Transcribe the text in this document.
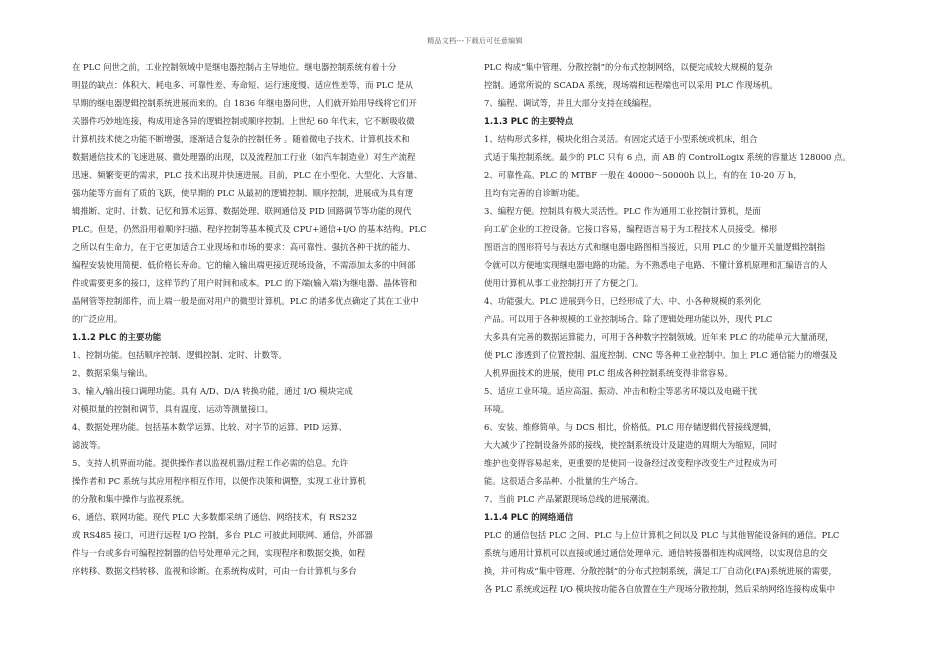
精品文档---下载后可任意编辑
在 PLC 问世之前，工业控制领域中是继电器控制占主导地位。继电器控制系统有着十分
明显的缺点：体积大、耗电多、可靠性差、寿命短、运行速度慢、适应性差等，而 PLC 是从
早期的继电器逻辑控制系统进展而来的。自 1836 年继电器问世，人们就开始用导线将它们开
关器件巧妙地连接，构成用途各异的逻辑控制或顺序控制。上世纪 60 年代末，它不断吸收微
计算机技术使之功能不断增强，逐渐适合复杂的控制任务 。随着微电子技术、计算机技术和
数据通信技术的飞速进展、微处理器的出现，以及流程加工行业（如汽车制造业）对生产流程
迅速、频繁变更的需求，PLC 技术出现并快速进展。目前，PLC 在小型化、大型化、大容量、
强功能等方面有了质的飞跃，使早期的 PLC 从最初的逻辑控制、顺序控制，进展成为具有逻
辑推断、定时、计数、记忆和算术运算、数据处理、联网通信及 PID 回路调节等功能的现代
PLC。但是，仍然沿用着顺序扫描、程序控制等基本模式及 CPU+通信+I/O 的基本结构。PLC
之所以有生命力，在于它更加适合工业现场和市场的要求：高可靠性、强抗各种干扰的能力、
编程安装使用简便、低价格长寿命。它的输入输出端更接近现场设备，不需添加太多的中间部
件或需要更多的接口，这样节约了用户时间和成本。PLC 的下端(输入端)为继电器、晶体管和
晶闸管等控制部件，而上端一般是面对用户的微型计算机。PLC 的诸多优点确定了其在工业中
的广泛应用。
1.1.2 PLC 的主要功能
1、控制功能。包括顺序控制、逻辑控制、定时、计数等。
2、数据采集与输出。
3、输入/输出接口调理功能。具有 A/D、D/A 转换功能，通过 I/O 模块完成
对模拟量的控制和调节，具有温度、运动等测量接口。
4、数据处理功能。包括基本数学运算、比较、对字节的运算、PID 运算、
滤波等。
5、支持人机界面功能。提供操作者以监视机器/过程工作必需的信息。允许
操作者和 PC 系统与其应用程序相互作用，以便作决策和调整，实现工业计算机
的分散和集中操作与监视系统。
6、通信、联网功能。现代 PLC 大多数都采纳了通信、网络技术，有 RS232
或 RS485 接口，可进行远程 I/O 控制，多台 PLC 可彼此间联网、通信，外部器
件与一台或多台可编程控制器的信号处理单元之间，实现程序和数据交换，如程
序转移、数据文档转移、监视和诊断。在系统构成时，可由一台计算机与多台
PLC 构成“集中管理、分散控制”的分布式控制网络，以便完成较大规模的复杂
控制。通常所说的 SCADA 系统，现场端和远程端也可以采用 PLC 作现场机。
7、编程、调试等，并且大部分支持在线编程。
1.1.3 PLC 的主要特点
1、结构形式多样，模块化组合灵活。有固定式适于小型系统或机床，组合
式适于集控制系统。最少的 PLC 只有 6 点，而 AB 的 ControlLogix 系统的容量达 128000 点。
2、可靠性高。PLC 的 MTBF 一般在 40000～50000h 以上，有的在 10-20 万 h，
且均有完善的自诊断功能。
3、编程方便。控制具有极大灵活性。PLC 作为通用工业控制计算机，是面
向工矿企业的工控设备。它接口容易，编程语言易于为工程技术人员接受。梯形
图语言的图形符号与表达方式和继电器电路图相当接近，只用 PLC 的少量开关量逻辑控制指
令就可以方便地实现继电器电路的功能。为不熟悉电子电路、不懂计算机原理和汇编语言的人
使用计算机从事工业控制打开了方便之门。
4、功能强大。PLC 进展到今日，已经形成了大、中、小各种规模的系列化
产品。可以用于各种规模的工业控制场合。除了逻辑处理功能以外，现代 PLC
大多具有完善的数据运算能力，可用于各种数字控制领域。近年来 PLC 的功能单元大量涌现，
使 PLC 渗透到了位置控制、温度控制、CNC 等各种工业控制中。加上 PLC 通信能力的增强及
人机界面技术的进展，使用 PLC 组成各种控制系统变得非常容易。
5、适应工业环境。适应高温、振动、冲击和粉尘等恶劣环境以及电磁干扰
环境。
6、安装、维修简单。与 DCS 相比，价格低。PLC 用存储逻辑代替接线逻辑，
大大减少了控制设备外部的接线，使控制系统设计及建造的周期大为缩短，同时
维护也变得容易起来，更重要的是使同一设备经过改变程序改变生产过程成为可
能。这很适合多品种、小批量的生产场合。
7、当前 PLC 产品紧跟现场总线的进展潮流。
1.1.4 PLC 的网络通信
PLC 的通信包括 PLC 之间、PLC 与上位计算机之间以及 PLC 与其他智能设备间的通信。PLC
系统与通用计算机可以直接或通过通信处理单元、通信转接器相连构成网络，以实现信息的交
换，并可构成“集中管理、分散控制”的分布式控制系统，满足工厂自动化(FA)系统进展的需要，
各 PLC 系统或远程 I/O 模块按功能各自放置在生产现场分散控制，然后采纳网络连接构成集中
